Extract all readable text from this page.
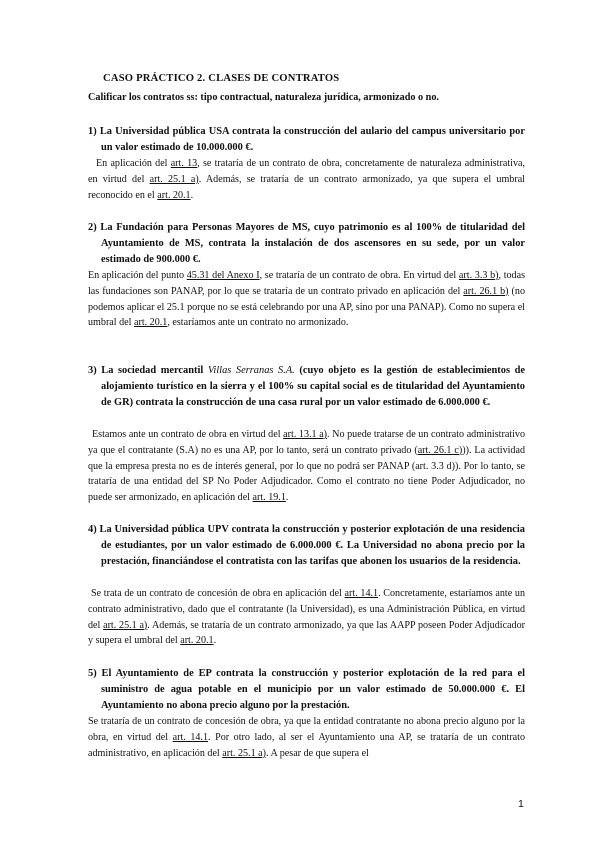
CASO PRÁCTICO 2. CLASES DE CONTRATOS
Calificar los contratos ss: tipo contractual, naturaleza jurídica, armonizado o no.
1) La Universidad pública USA contrata la construcción del aulario del campus universitario por un valor estimado de 10.000.000 €.
En aplicación del art. 13, se trataría de un contrato de obra, concretamente de naturaleza administrativa, en virtud del art. 25.1 a). Además, se trataría de un contrato armonizado, ya que supera el umbral reconocido en el art. 20.1.
2) La Fundación para Personas Mayores de MS, cuyo patrimonio es al 100% de titularidad del Ayuntamiento de MS, contrata la instalación de dos ascensores en su sede, por un valor estimado de 900.000 €.
En aplicación del punto 45.31 del Anexo I, se trataría de un contrato de obra. En virtud del art. 3.3 b), todas las fundaciones son PANAP, por lo que se trataría de un contrato privado en aplicación del art. 26.1 b) (no podemos aplicar el 25.1 porque no se está celebrando por una AP, sino por una PANAP). Como no supera el umbral del art. 20.1, estaríamos ante un contrato no armonizado.
3) La sociedad mercantil Villas Serranas S.A. (cuyo objeto es la gestión de establecimientos de alojamiento turístico en la sierra y el 100% su capital social es de titularidad del Ayuntamiento de GR) contrata la construcción de una casa rural por un valor estimado de 6.000.000 €.
Estamos ante un contrato de obra en virtud del art. 13.1 a). No puede tratarse de un contrato administrativo ya que el contratante (S.A) no es una AP, por lo tanto, será un contrato privado (art. 26.1 c))). La actividad que la empresa presta no es de interés general, por lo que no podrá ser PANAP (art. 3.3 d)). Por lo tanto, se trataría de una entidad del SP No Poder Adjudicador. Como el contrato no tiene Poder Adjudicador, no puede ser armonizado, en aplicación del art. 19.1.
4) La Universidad pública UPV contrata la construcción y posterior explotación de una residencia de estudiantes, por un valor estimado de 6.000.000 €. La Universidad no abona precio por la prestación, financiándose el contratista con las tarifas que abonen los usuarios de la residencia.
Se trata de un contrato de concesión de obra en aplicación del art. 14.1. Concretamente, estaríamos ante un contrato administrativo, dado que el contratante (la Universidad), es una Administración Pública, en virtud del art. 25.1 a). Además, se trataría de un contrato armonizado, ya que las AAPP poseen Poder Adjudicador y supera el umbral del art. 20.1.
5) El Ayuntamiento de EP contrata la construcción y posterior explotación de la red para el suministro de agua potable en el municipio por un valor estimado de 50.000.000 €. El Ayuntamiento no abona precio alguno por la prestación.
Se trataría de un contrato de concesión de obra, ya que la entidad contratante no abona precio alguno por la obra, en virtud del art. 14.1. Por otro lado, al ser el Ayuntamiento una AP, se trataría de un contrato administrativo, en aplicación del art. 25.1 a). A pesar de que supera el
1
